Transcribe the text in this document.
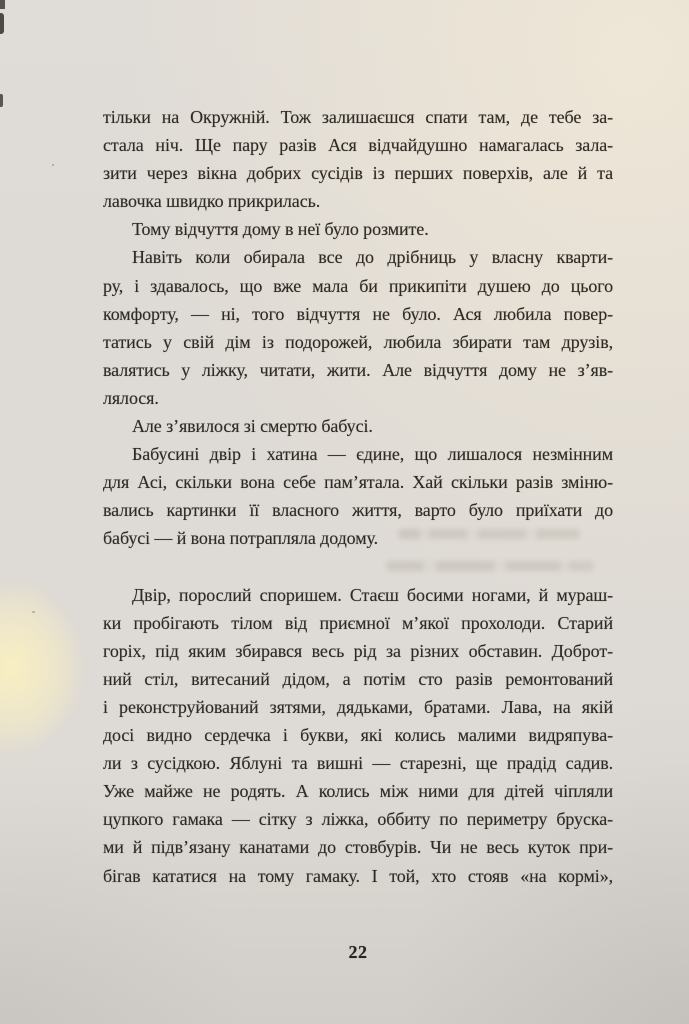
тільки на Окружній. Тож залишаєшся спати там, де тебе за-
стала ніч. Ще пару разів Ася відчайдушно намагалась зала-
зити через вікна добрих сусідів із перших поверхів, але й та
лавочка швидко прикрилась.
Тому відчуття дому в неї було розмите.
Навіть коли обирала все до дрібниць у власну кварти-
ру, і здавалось, що вже мала би прикипіти душею до цього
комфорту, — ні, того відчуття не було. Ася любила повер-
татись у свій дім із подорожей, любила збирати там друзів,
валятись у ліжку, читати, жити. Але відчуття дому не з’яв-
лялося.
Але з’явилося зі смертю бабусі.
Бабусині двір і хатина — єдине, що лишалося незмінним
для Асі, скільки вона себе пам’ятала. Хай скільки разів зміню-
вались картинки її власного життя, варто було приїхати до
бабусі — й вона потрапляла додому.
Двір, порослий споришем. Стаєш босими ногами, й мураш-
ки пробігають тілом від приємної м’якої прохолоди. Старий
горіх, під яким збирався весь рід за різних обставин. Доброт-
ний стіл, витесаний дідом, а потім сто разів ремонтований
і реконструйований зятями, дядьками, братами. Лава, на якій
досі видно сердечка і букви, які колись малими видряпува-
ли з сусідкою. Яблуні та вишні — старезні, ще прадід садив.
Уже майже не родять. А колись між ними для дітей чіпляли
цупкого гамака — сітку з ліжка, оббиту по периметру бруска-
ми й підв’язану канатами до стовбурів. Чи не весь куток при-
бігав кататися на тому гамаку. І той, хто стояв «на кормі»,
22
